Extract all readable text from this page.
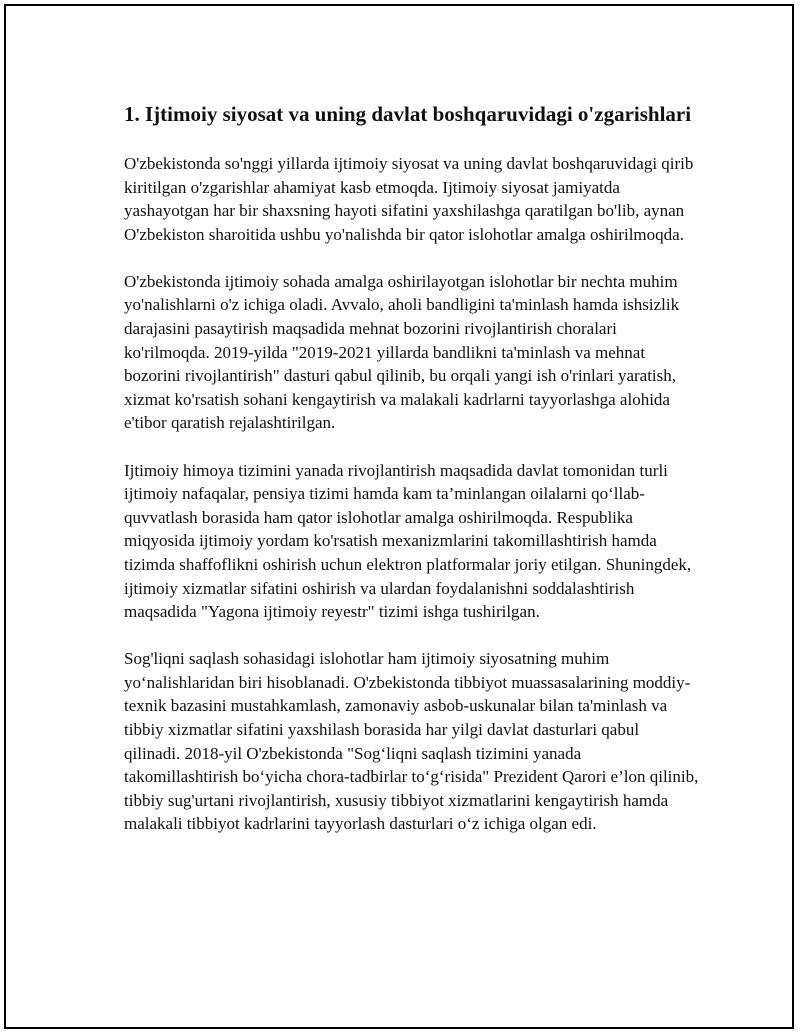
1. Ijtimoiy siyosat va uning davlat boshqaruvidagi o'zgarishlari

O'zbekistonda so'nggi yillarda ijtimoiy siyosat va uning davlat boshqaruvidagi qirib kiritilgan o'zgarishlar ahamiyat kasb etmoqda. Ijtimoiy siyosat jamiyatda yashayotgan har bir shaxsning hayoti sifatini yaxshilashga qaratilgan bo'lib, aynan O'zbekiston sharoitida ushbu yo'nalishda bir qator islohotlar amalga oshirilmoqda.

O'zbekistonda ijtimoiy sohada amalga oshirilayotgan islohotlar bir nechta muhim yo'nalishlarni o'z ichiga oladi. Avvalo, aholi bandligini ta'minlash hamda ishsizlik darajasini pasaytirish maqsadida mehnat bozorini rivojlantirish choralari ko'rilmoqda. 2019-yilda "2019-2021 yillarda bandlikni ta'minlash va mehnat bozorini rivojlantirish" dasturi qabul qilinib, bu orqali yangi ish o'rinlari yaratish, xizmat ko'rsatish sohani kengaytirish va malakali kadrlarni tayyorlashga alohida e'tibor qaratish rejalashtirilgan.

Ijtimoiy himoya tizimini yanada rivojlantirish maqsadida davlat tomonidan turli ijtimoiy nafaqalar, pensiya tizimi hamda kam ta’minlangan oilalarni qo‘llab-quvvatlash borasida ham qator islohotlar amalga oshirilmoqda. Respublika miqyosida ijtimoiy yordam ko'rsatish mexanizmlarini takomillashtirish hamda tizimda shaffoflikni oshirish uchun elektron platformalar joriy etilgan. Shuningdek, ijtimoiy xizmatlar sifatini oshirish va ulardan foydalanishni soddalashtirish maqsadida "Yagona ijtimoiy reyestr" tizimi ishga tushirilgan.

Sog'liqni saqlash sohasidagi islohotlar ham ijtimoiy siyosatning muhim yo‘nalishlaridan biri hisoblanadi. O'zbekistonda tibbiyot muassasalarining moddiy-texnik bazasini mustahkamlash, zamonaviy asbob-uskunalar bilan ta'minlash va tibbiy xizmatlar sifatini yaxshilash borasida har yilgi davlat dasturlari qabul qilinadi. 2018-yil O'zbekistonda "Sog‘liqni saqlash tizimini yanada takomillashtirish bo‘yicha chora-tadbirlar to‘g‘risida" Prezident Qarori e’lon qilinib, tibbiy sug'urtani rivojlantirish, xususiy tibbiyot xizmatlarini kengaytirish hamda malakali tibbiyot kadrlarini tayyorlash dasturlari o‘z ichiga olgan edi.
